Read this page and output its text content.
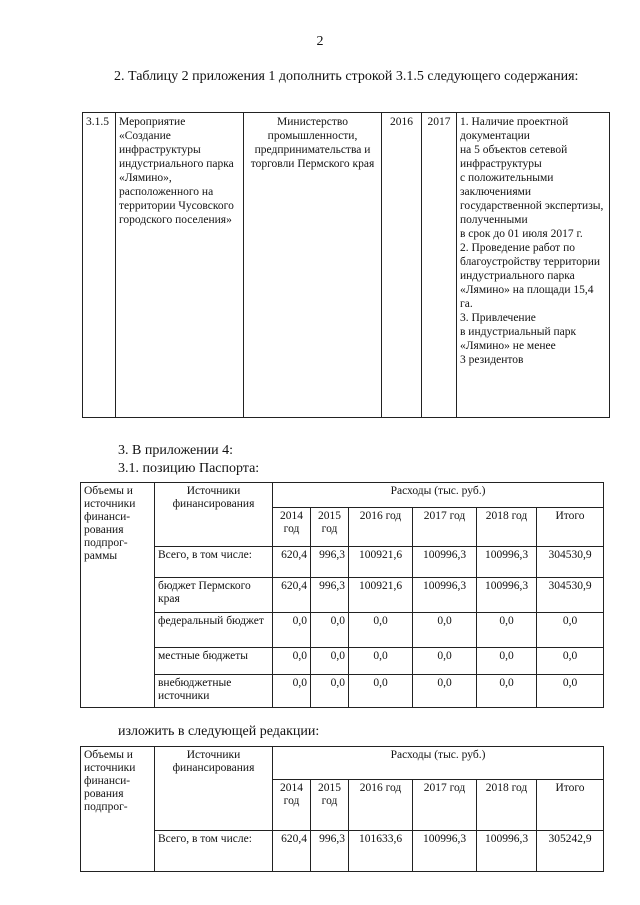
2
2. Таблицу 2 приложения 1 дополнить строкой 3.1.5 следующего содержания:
3.1.5	Мероприятие «Создание инфраструктуры индустриального парка «Лямино», расположенного на территории Чусовского городского поселения»	Министерство промышленности, предпринимательства и торговли Пермского края	2016	2017	1. Наличие проектной документации
на 5 объектов сетевой инфраструктуры
с положительными заключениями государственной экспертизы,
полученными
в срок до 01 июля 2017 г.
2. Проведение работ по благоустройству территории индустриального парка «Лямино» на площади 15,4 га.
3. Привлечение
в индустриальный парк «Лямино» не менее
3 резидентов
3. В приложении 4:
3.1. позицию Паспорта:
Объемы и источники финанси-рования подпрог-раммы	Источники финансирования	Расходы (тыс. руб.)					
		2014 год	2015 год	2016 год	2017 год	2018 год	Итого
	Всего, в том числе:	620,4	996,3	100921,6	100996,3	100996,3	304530,9
	бюджет Пермского края	620,4	996,3	100921,6	100996,3	100996,3	304530,9
	федеральный бюджет	0,0	0,0	0,0	0,0	0,0	0,0
	местные бюджеты	0,0	0,0	0,0	0,0	0,0	0,0
	внебюджетные источники	0,0	0,0	0,0	0,0	0,0	0,0
изложить в следующей редакции:
Объемы и источники финанси-рования подпрог-	Источники финансирования	Расходы (тыс. руб.)					
		2014 год	2015 год	2016 год	2017 год	2018 год	Итого
	Всего, в том числе:	620,4	996,3	101633,6	100996,3	100996,3	305242,9
